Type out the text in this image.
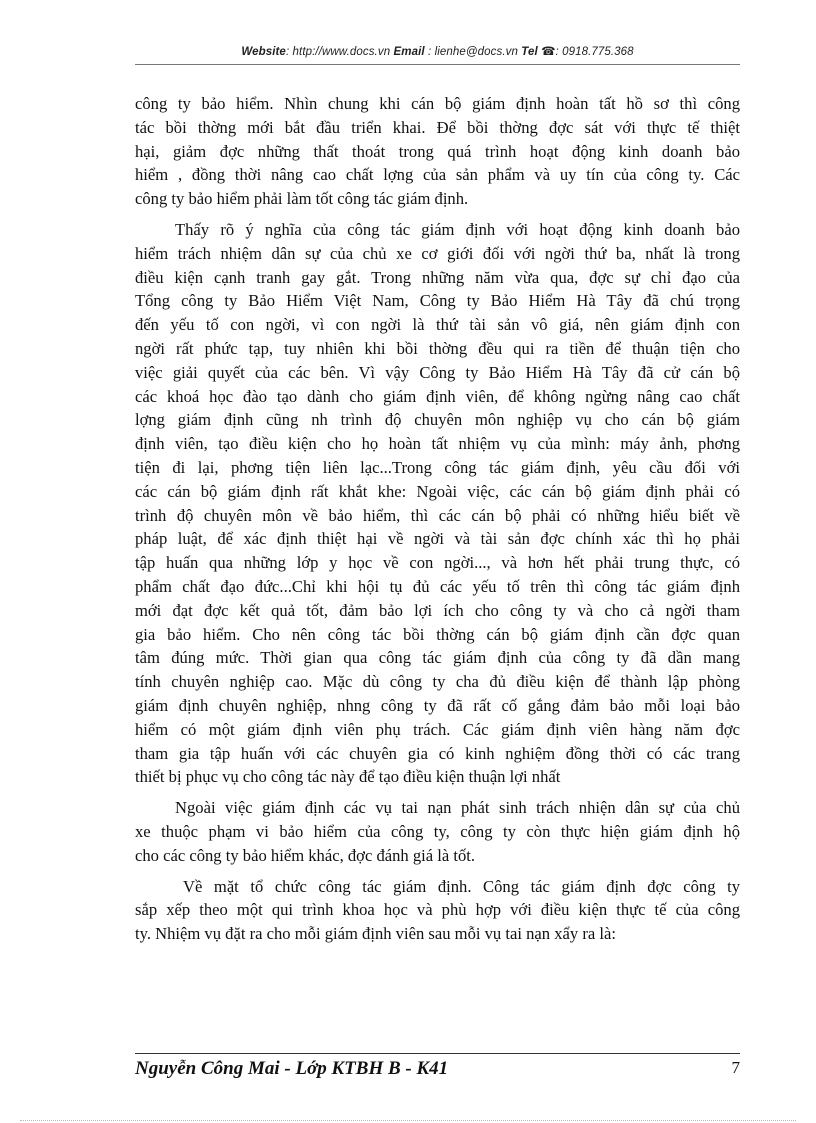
Website: http://www.docs.vn Email : lienhe@docs.vn Tel ☎: 0918.775.368
công ty bảo hiểm. Nhìn chung khi cán bộ giám định hoàn tất hồ sơ thì công
tác bồi thờng mới bắt đầu triển khai. Để bồi thờng đợc sát với thực tế thiệt
hại, giảm đợc những thất thoát trong quá trình hoạt động kinh doanh bảo
hiểm , đồng thời nâng cao chất lợng của sản phẩm và uy tín của công ty. Các
công ty bảo hiểm phải làm tốt công tác giám định.
Thấy rõ ý nghĩa của công tác giám định với hoạt động kinh doanh bảo
hiểm trách nhiệm dân sự của chủ xe cơ giới đối với ngời thứ ba, nhất là trong
điều kiện cạnh tranh gay gắt. Trong những năm vừa qua, đợc sự chỉ đạo của
Tổng công ty Bảo Hiểm Việt Nam, Công ty Bảo Hiểm Hà Tây đã chú trọng
đến yếu tố con ngời, vì con ngời là thứ tài sản vô giá, nên giám định con
ngời rất phức tạp, tuy nhiên khi bồi thờng đều qui ra tiền để thuận tiện cho
việc giải quyết của các bên. Vì vậy Công ty Bảo Hiểm Hà Tây đã cử cán bộ
các khoá học đào tạo dành cho giám định viên, để không ngừng nâng cao chất
lợng giám định cũng nh trình độ chuyên môn nghiệp vụ cho cán bộ giám
định viên, tạo điều kiện cho họ hoàn tất nhiệm vụ của mình: máy ảnh, phơng
tiện đi lại, phơng tiện liên lạc...Trong công tác giám định, yêu cầu đối với
các cán bộ giám định rất khắt khe: Ngoài việc, các cán bộ giám định phải có
trình độ chuyên môn về bảo hiểm, thì các cán bộ phải có những hiểu biết về
pháp luật, để xác định thiệt hại về ngời và tài sản đợc chính xác thì họ phải
tập huấn qua những lớp y học về con ngời..., và hơn hết phải trung thực, có
phẩm chất đạo đức...Chỉ khi hội tụ đủ các yếu tố trên thì công tác giám định
mới đạt đợc kết quả tốt, đảm bảo lợi ích cho công ty và cho cả ngời tham
gia bảo hiểm. Cho nên công tác bồi thờng cán bộ giám định cần đợc quan
tâm đúng mức. Thời gian qua công tác giám định của công ty đã dần mang
tính chuyên nghiệp cao. Mặc dù công ty cha đủ điều kiện để thành lập phòng
giám định chuyên nghiệp, nhng công ty đã rất cố gắng đảm bảo mỗi loại bảo
hiểm có một giám định viên phụ trách. Các giám định viên hàng năm đợc
tham gia tập huấn với các chuyên gia có kinh nghiệm đồng thời có các trang
thiết bị phục vụ cho công tác này để tạo điều kiện thuận lợi nhất
Ngoài việc giám định các vụ tai nạn phát sinh trách nhiện dân sự của chủ
xe thuộc phạm vi bảo hiểm của công ty, công ty còn thực hiện giám định hộ
cho các công ty bảo hiểm khác, đợc đánh giá là tốt.
Về mặt tổ chức công tác giám định. Công tác giám định đợc công ty
sắp xếp theo một qui trình khoa học và phù hợp với điều kiện thực tế của công
ty. Nhiệm vụ đặt ra cho mỗi giám định viên sau mỗi vụ tai nạn xẩy ra là:
Nguyễn Công Mai - Lớp KTBH B - K41	7
